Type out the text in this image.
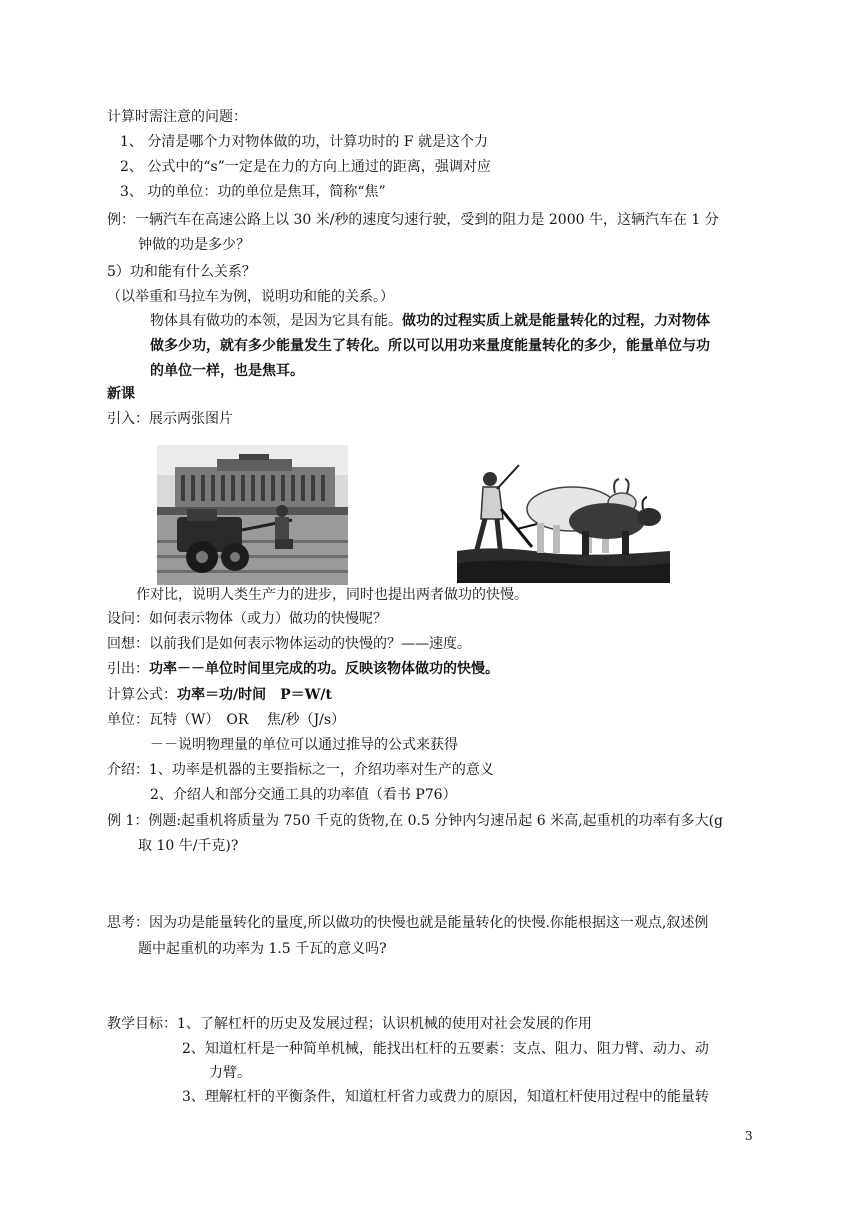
计算时需注意的问题：
1、 分清是哪个力对物体做的功，计算功时的 F 就是这个力
2、 公式中的“s”一定是在力的方向上通过的距离，强调对应
3、 功的单位：功的单位是焦耳，简称“焦”
例：一辆汽车在高速公路上以 30 米/秒的速度匀速行驶，受到的阻力是 2000 牛，这辆汽车在 1 分
钟做的功是多少？
5）功和能有什么关系？
（以举重和马拉车为例，说明功和能的关系。）
物体具有做功的本领，是因为它具有能。做功的过程实质上就是能量转化的过程，力对物体
做多少功，就有多少能量发生了转化。所以可以用功来量度能量转化的多少，能量单位与功
的单位一样，也是焦耳。
新课
引入：展示两张图片
作对比，说明人类生产力的进步，同时也提出两者做功的快慢。
设问：如何表示物体（或力）做功的快慢呢？
回想：以前我们是如何表示物体运动的快慢的？——速度。
引出：功率－－单位时间里完成的功。反映该物体做功的快慢。
计算公式：功率＝功/时间　P＝W/t
单位：瓦特（W）　OR　 焦/秒（J/s）
－－说明物理量的单位可以通过推导的公式来获得
介绍：1、功率是机器的主要指标之一，介绍功率对生产的意义
2、介绍人和部分交通工具的功率值（看书 P76）
例 1：例题:起重机将质量为 750 千克的货物,在 0.5 分钟内匀速吊起 6 米高,起重机的功率有多大(g
取 10 牛/千克)?
思考：因为功是能量转化的量度,所以做功的快慢也就是能量转化的快慢.你能根据这一观点,叙述例
题中起重机的功率为 1.5 千瓦的意义吗?
教学目标：1、了解杠杆的历史及发展过程；认识机械的使用对社会发展的作用
2、知道杠杆是一种简单机械，能找出杠杆的五要素：支点、阻力、阻力臂、动力、动
力臂。
3、理解杠杆的平衡条件，知道杠杆省力或费力的原因，知道杠杆使用过程中的能量转
3
